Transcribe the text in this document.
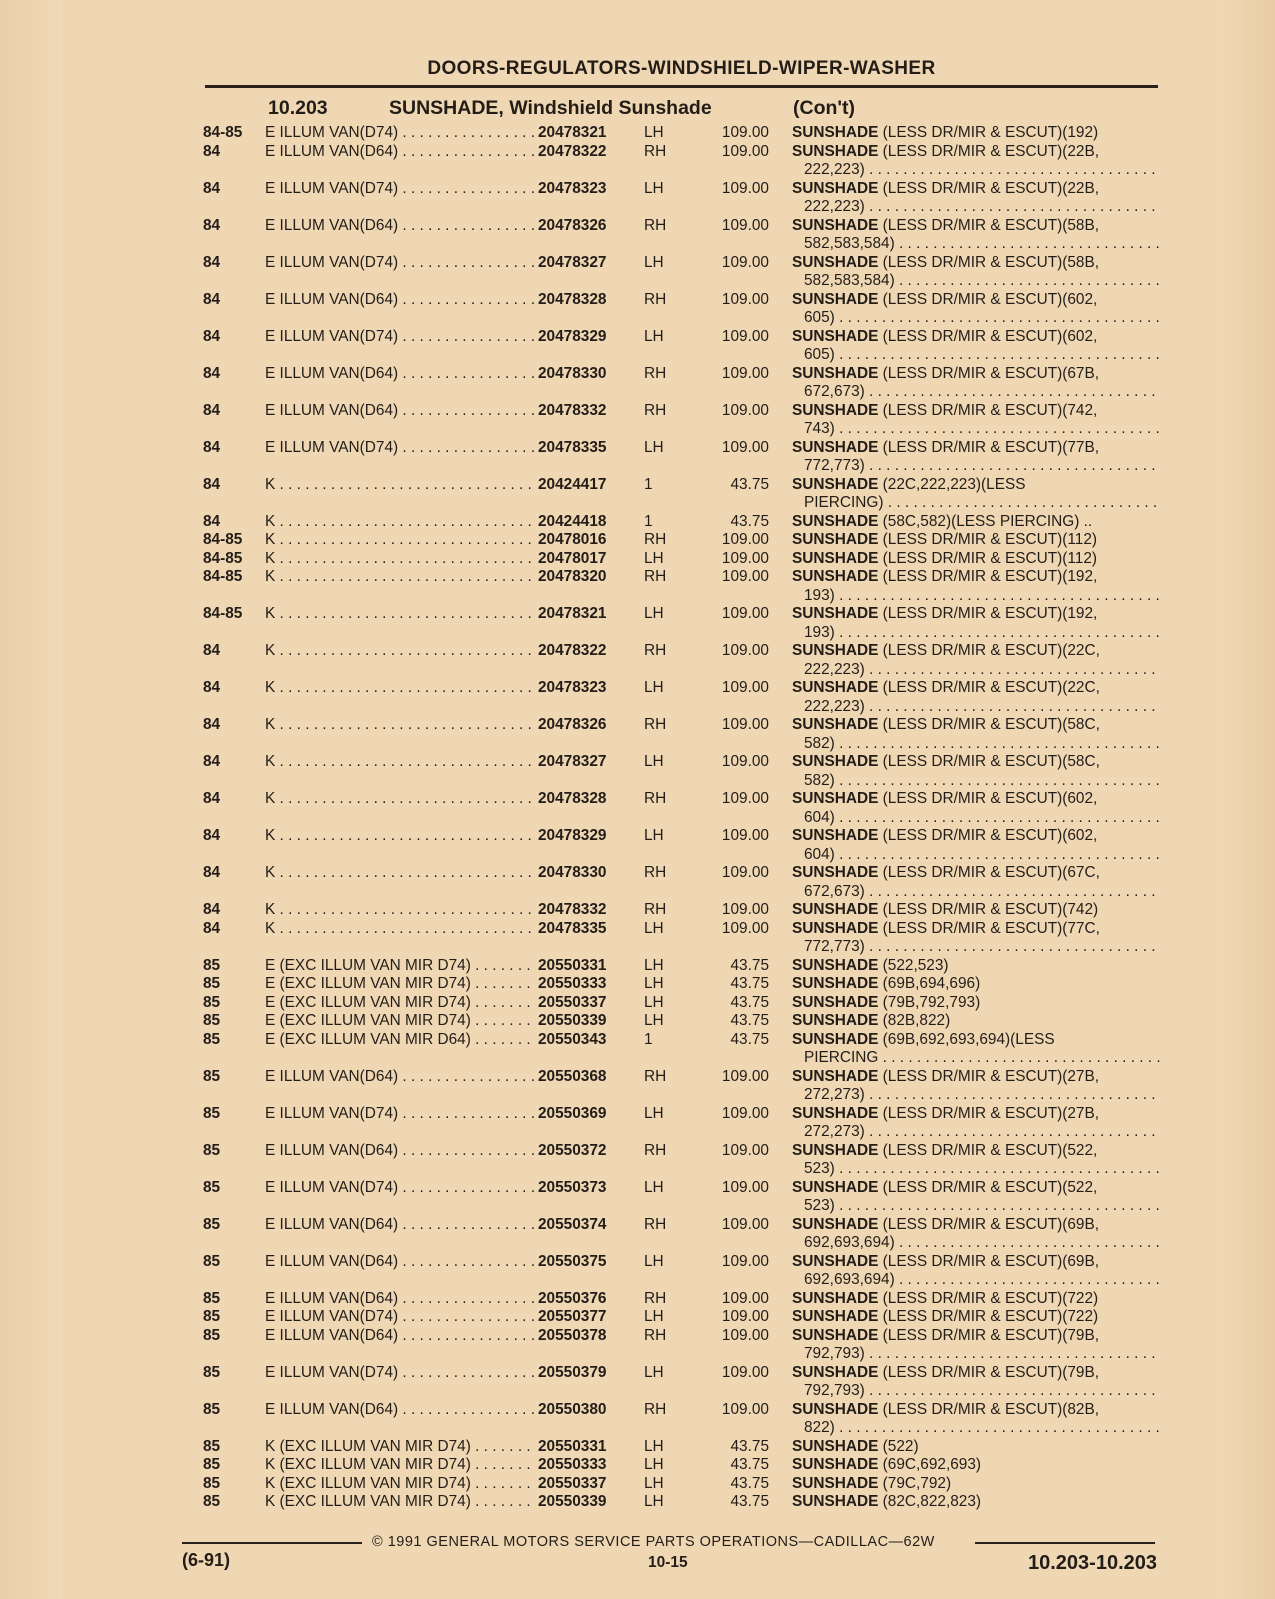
DOORS-REGULATORS-WINDSHIELD-WIPER-WASHER
10.203	SUNSHADE, Windshield Sunshade	(Con't)
84-85	E ILLUM VAN(D74) . . .	20478321	LH	109.00 SUNSHADE (LESS DR/MIR & ESCUT)(192)
84	E ILLUM VAN(D64) . . .	20478322	RH	109.00 SUNSHADE (LESS DR/MIR & ESCUT)(22B,
222,223) . . .
84	E ILLUM VAN(D74) . . .	20478323	LH	109.00 SUNSHADE (LESS DR/MIR & ESCUT)(22B,
222,223) . . .
84	E ILLUM VAN(D64) . . .	20478326	RH	109.00 SUNSHADE (LESS DR/MIR & ESCUT)(58B,
582,583,584) . . .
84	E ILLUM VAN(D74) . . .	20478327	LH	109.00 SUNSHADE (LESS DR/MIR & ESCUT)(58B,
582,583,584) . . .
84	E ILLUM VAN(D64) . . .	20478328	RH	109.00 SUNSHADE (LESS DR/MIR & ESCUT)(602,
605) . . .
84	E ILLUM VAN(D74) . . .	20478329	LH	109.00 SUNSHADE (LESS DR/MIR & ESCUT)(602,
605) . . .
84	E ILLUM VAN(D64) . . .	20478330	RH	109.00 SUNSHADE (LESS DR/MIR & ESCUT)(67B,
672,673) . . .
84	E ILLUM VAN(D64) . . .	20478332	RH	109.00 SUNSHADE (LESS DR/MIR & ESCUT)(742,
743) . . .
84	E ILLUM VAN(D74) . . .	20478335	LH	109.00 SUNSHADE (LESS DR/MIR & ESCUT)(77B,
772,773) . . .
84	K . . .	20424417	1	43.75 SUNSHADE (22C,222,223)(LESS
PIERCING) . . .
84	K . . .	20424418	1	43.75 SUNSHADE (58C,582)(LESS PIERCING) ..
84-85	K . . .	20478016	RH	109.00 SUNSHADE (LESS DR/MIR & ESCUT)(112)
84-85	K . . .	20478017	LH	109.00 SUNSHADE (LESS DR/MIR & ESCUT)(112)
84-85	K . . .	20478320	RH	109.00 SUNSHADE (LESS DR/MIR & ESCUT)(192,
193) . . .
84-85	K . . .	20478321	LH	109.00 SUNSHADE (LESS DR/MIR & ESCUT)(192,
193) . . .
84	K . . .	20478322	RH	109.00 SUNSHADE (LESS DR/MIR & ESCUT)(22C,
222,223) . . .
84	K . . .	20478323	LH	109.00 SUNSHADE (LESS DR/MIR & ESCUT)(22C,
222,223) . . .
84	K . . .	20478326	RH	109.00 SUNSHADE (LESS DR/MIR & ESCUT)(58C,
582) . . .
84	K . . .	20478327	LH	109.00 SUNSHADE (LESS DR/MIR & ESCUT)(58C,
582) . . .
84	K . . .	20478328	RH	109.00 SUNSHADE (LESS DR/MIR & ESCUT)(602,
604) . . .
84	K . . .	20478329	LH	109.00 SUNSHADE (LESS DR/MIR & ESCUT)(602,
604) . . .
84	K . . .	20478330	RH	109.00 SUNSHADE (LESS DR/MIR & ESCUT)(67C,
672,673) . . .
84	K . . .	20478332	RH	109.00 SUNSHADE (LESS DR/MIR & ESCUT)(742)
84	K . . .	20478335	LH	109.00 SUNSHADE (LESS DR/MIR & ESCUT)(77C,
772,773) . . .
85	E (EXC ILLUM VAN MIR D74) . . .	20550331	LH	43.75 SUNSHADE (522,523)
85	E (EXC ILLUM VAN MIR D74) . . .	20550333	LH	43.75 SUNSHADE (69B,694,696)
85	E (EXC ILLUM VAN MIR D74) . . .	20550337	LH	43.75 SUNSHADE (79B,792,793)
85	E (EXC ILLUM VAN MIR D74) . . .	20550339	LH	43.75 SUNSHADE (82B,822)
85	E (EXC ILLUM VAN MIR D64) . . .	20550343	1	43.75 SUNSHADE (69B,692,693,694)(LESS
PIERCING . . .
85	E ILLUM VAN(D64) . . .	20550368	RH	109.00 SUNSHADE (LESS DR/MIR & ESCUT)(27B,
272,273) . . .
85	E ILLUM VAN(D74) . . .	20550369	LH	109.00 SUNSHADE (LESS DR/MIR & ESCUT)(27B,
272,273) . . .
85	E ILLUM VAN(D64) . . .	20550372	RH	109.00 SUNSHADE (LESS DR/MIR & ESCUT)(522,
523) . . .
85	E ILLUM VAN(D74) . . .	20550373	LH	109.00 SUNSHADE (LESS DR/MIR & ESCUT)(522,
523) . . .
85	E ILLUM VAN(D64) . . .	20550374	RH	109.00 SUNSHADE (LESS DR/MIR & ESCUT)(69B,
692,693,694) . . .
85	E ILLUM VAN(D64) . . .	20550375	LH	109.00 SUNSHADE (LESS DR/MIR & ESCUT)(69B,
692,693,694) . . .
85	E ILLUM VAN(D64) . . .	20550376	RH	109.00 SUNSHADE (LESS DR/MIR & ESCUT)(722)
85	E ILLUM VAN(D74) . . .	20550377	LH	109.00 SUNSHADE (LESS DR/MIR & ESCUT)(722)
85	E ILLUM VAN(D64) . . .	20550378	RH	109.00 SUNSHADE (LESS DR/MIR & ESCUT)(79B,
792,793) . . .
85	E ILLUM VAN(D74) . . .	20550379	LH	109.00 SUNSHADE (LESS DR/MIR & ESCUT)(79B,
792,793) . . .
85	E ILLUM VAN(D64) . . .	20550380	RH	109.00 SUNSHADE (LESS DR/MIR & ESCUT)(82B,
822) . . .
85	K (EXC ILLUM VAN MIR D74) . . .	20550331	LH	43.75 SUNSHADE (522)
85	K (EXC ILLUM VAN MIR D74) . . .	20550333	LH	43.75 SUNSHADE (69C,692,693)
85	K (EXC ILLUM VAN MIR D74) . . .	20550337	LH	43.75 SUNSHADE (79C,792)
85	K (EXC ILLUM VAN MIR D74) . . .	20550339	LH	43.75 SUNSHADE (82C,822,823)
© 1991 GENERAL MOTORS SERVICE PARTS OPERATIONS—CADILLAC—62W
(6-91)	10-15	10.203-10.203
